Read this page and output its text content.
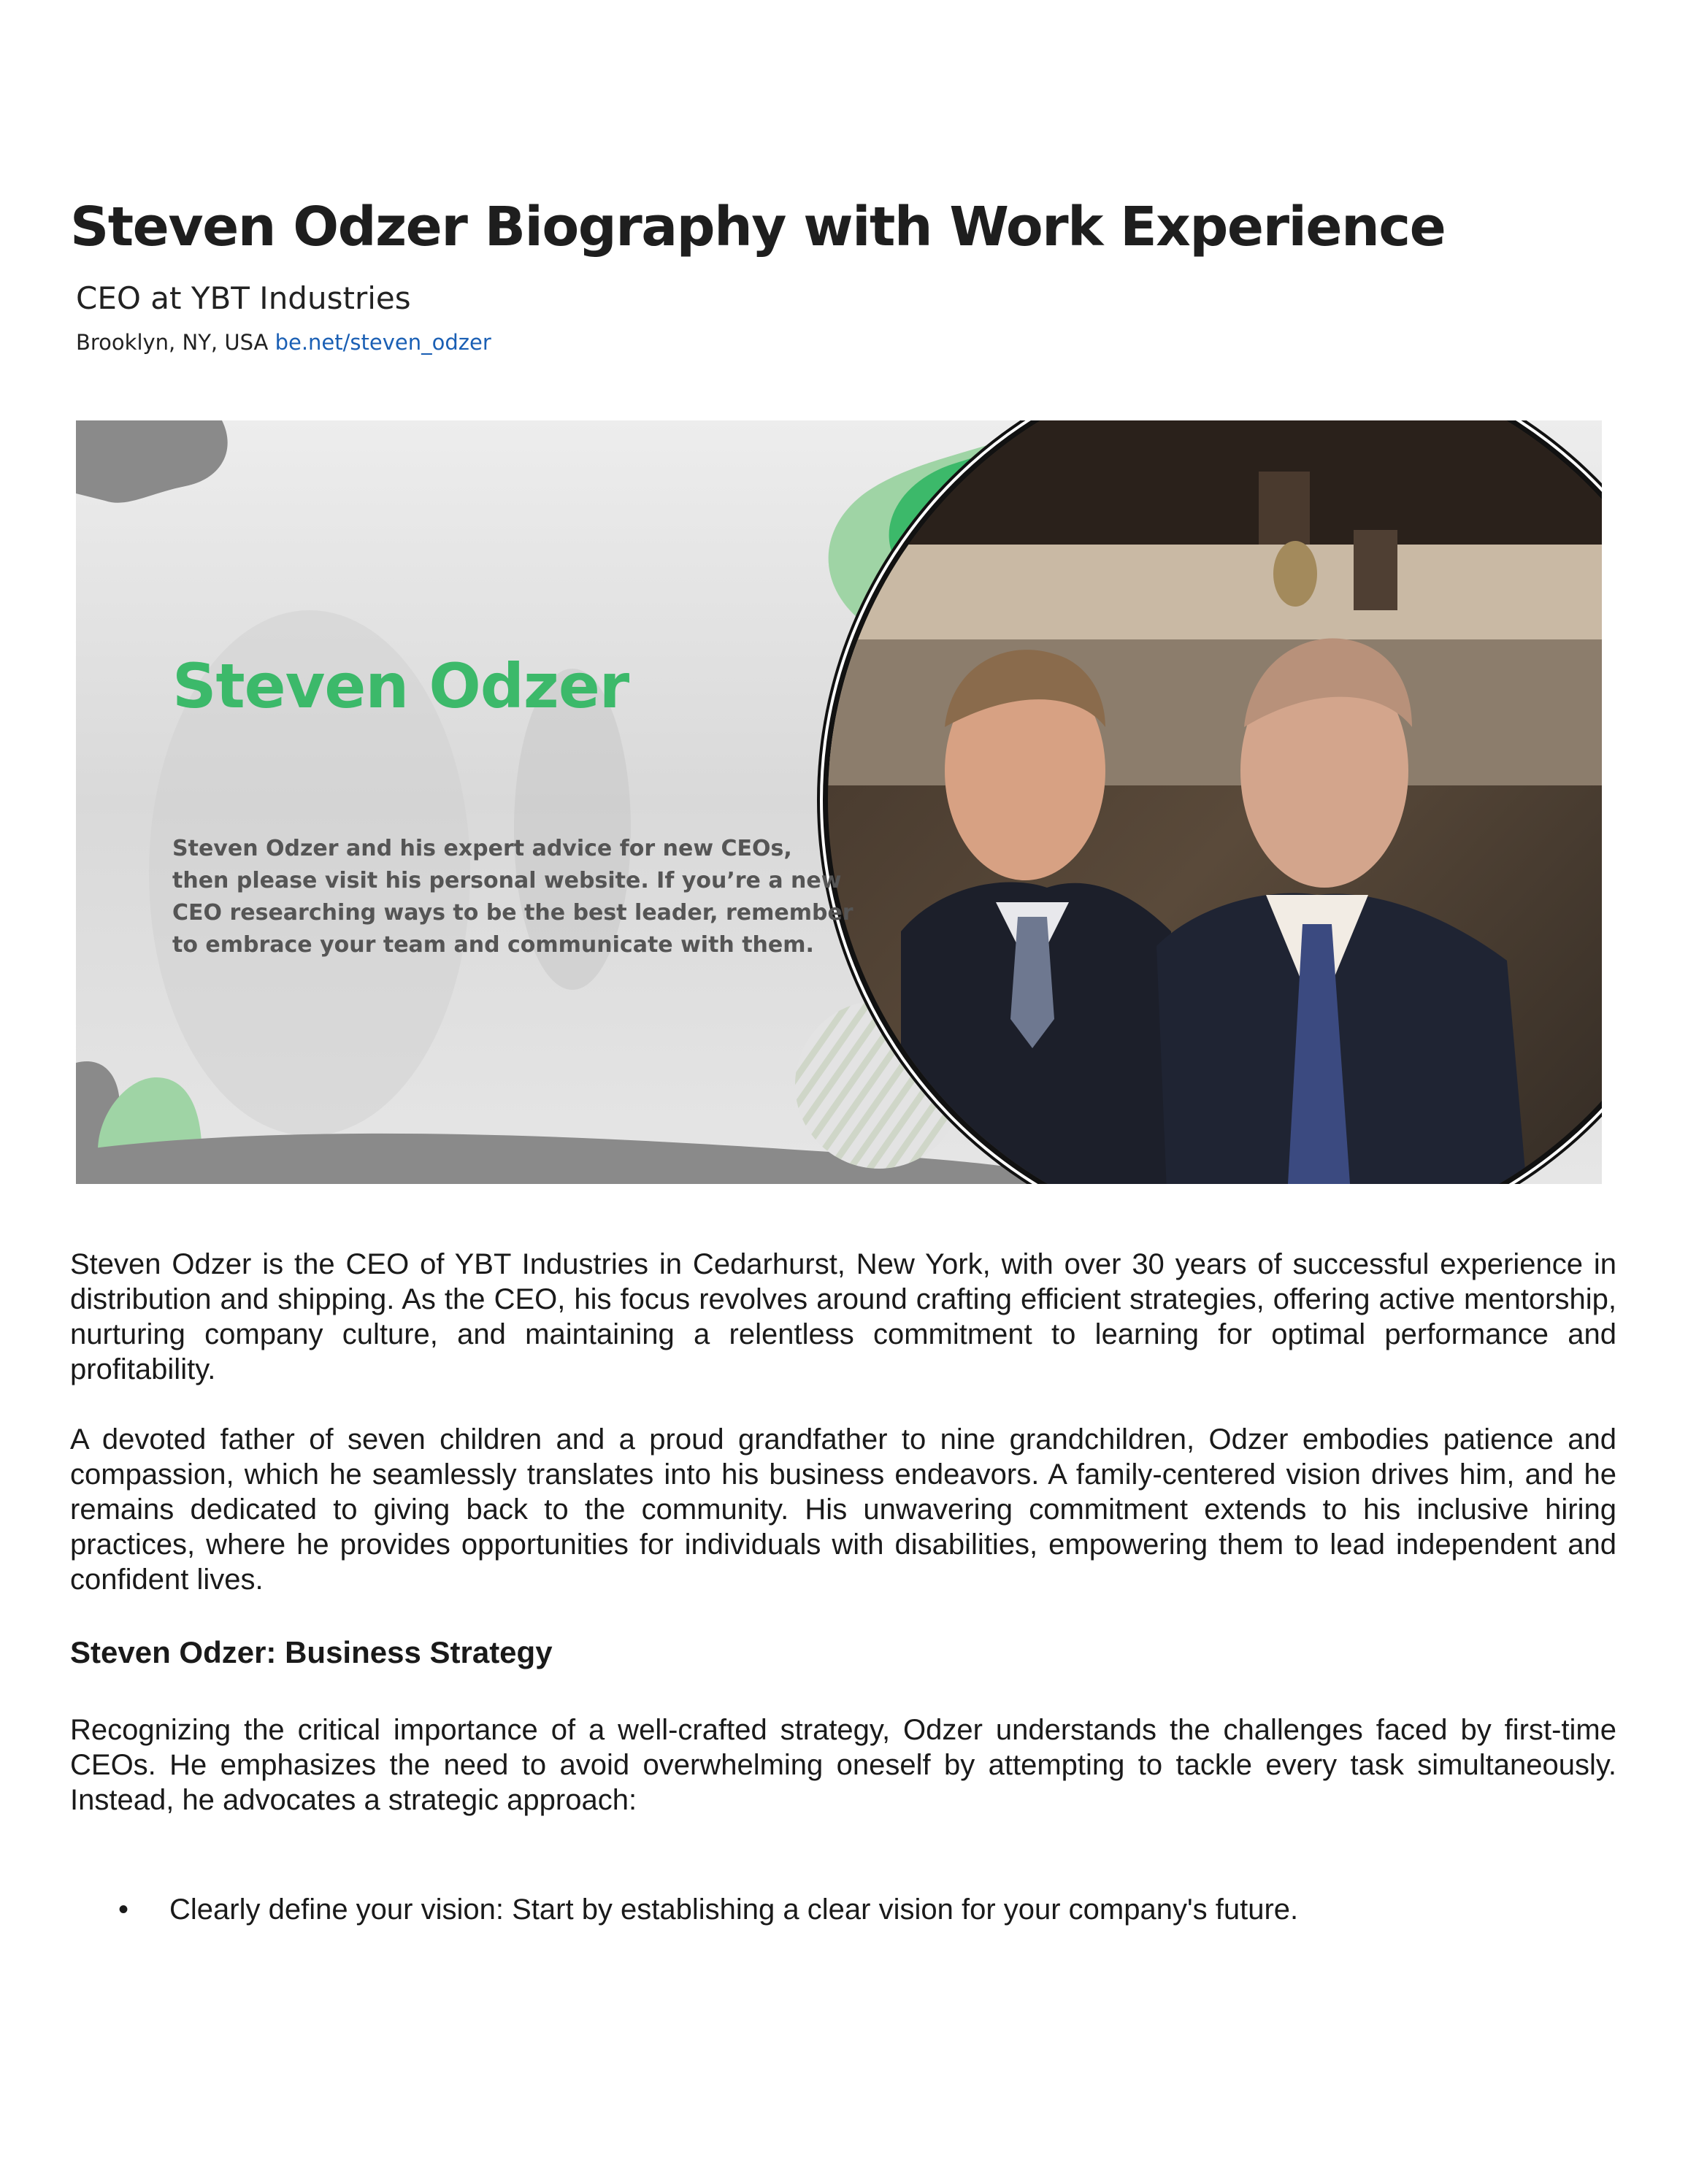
Steven Odzer Biography with Work Experience
CEO at YBT Industries
Brooklyn, NY, USA be.net/steven_odzer
Steven Odzer
Steven Odzer and his expert advice for new CEOs,
then please visit his personal website. If you’re a new
CEO researching ways to be the best leader, remember
to embrace your team and communicate with them.

Steven Odzer is the CEO of YBT Industries in Cedarhurst, New York, with over 30 years of successful experience in distribution and shipping. As the CEO, his focus revolves around crafting efficient strategies, offering active mentorship, nurturing company culture, and maintaining a relentless commitment to learning for optimal performance and profitability.

A devoted father of seven children and a proud grandfather to nine grandchildren, Odzer embodies patience and compassion, which he seamlessly translates into his business endeavors. A family-centered vision drives him, and he remains dedicated to giving back to the community. His unwavering commitment extends to his inclusive hiring practices, where he provides opportunities for individuals with disabilities, empowering them to lead independent and confident lives.

Steven Odzer: Business Strategy

Recognizing the critical importance of a well-crafted strategy, Odzer understands the challenges faced by first-time CEOs. He emphasizes the need to avoid overwhelming oneself by attempting to tackle every task simultaneously. Instead, he advocates a strategic approach:

• Clearly define your vision: Start by establishing a clear vision for your company's future.
